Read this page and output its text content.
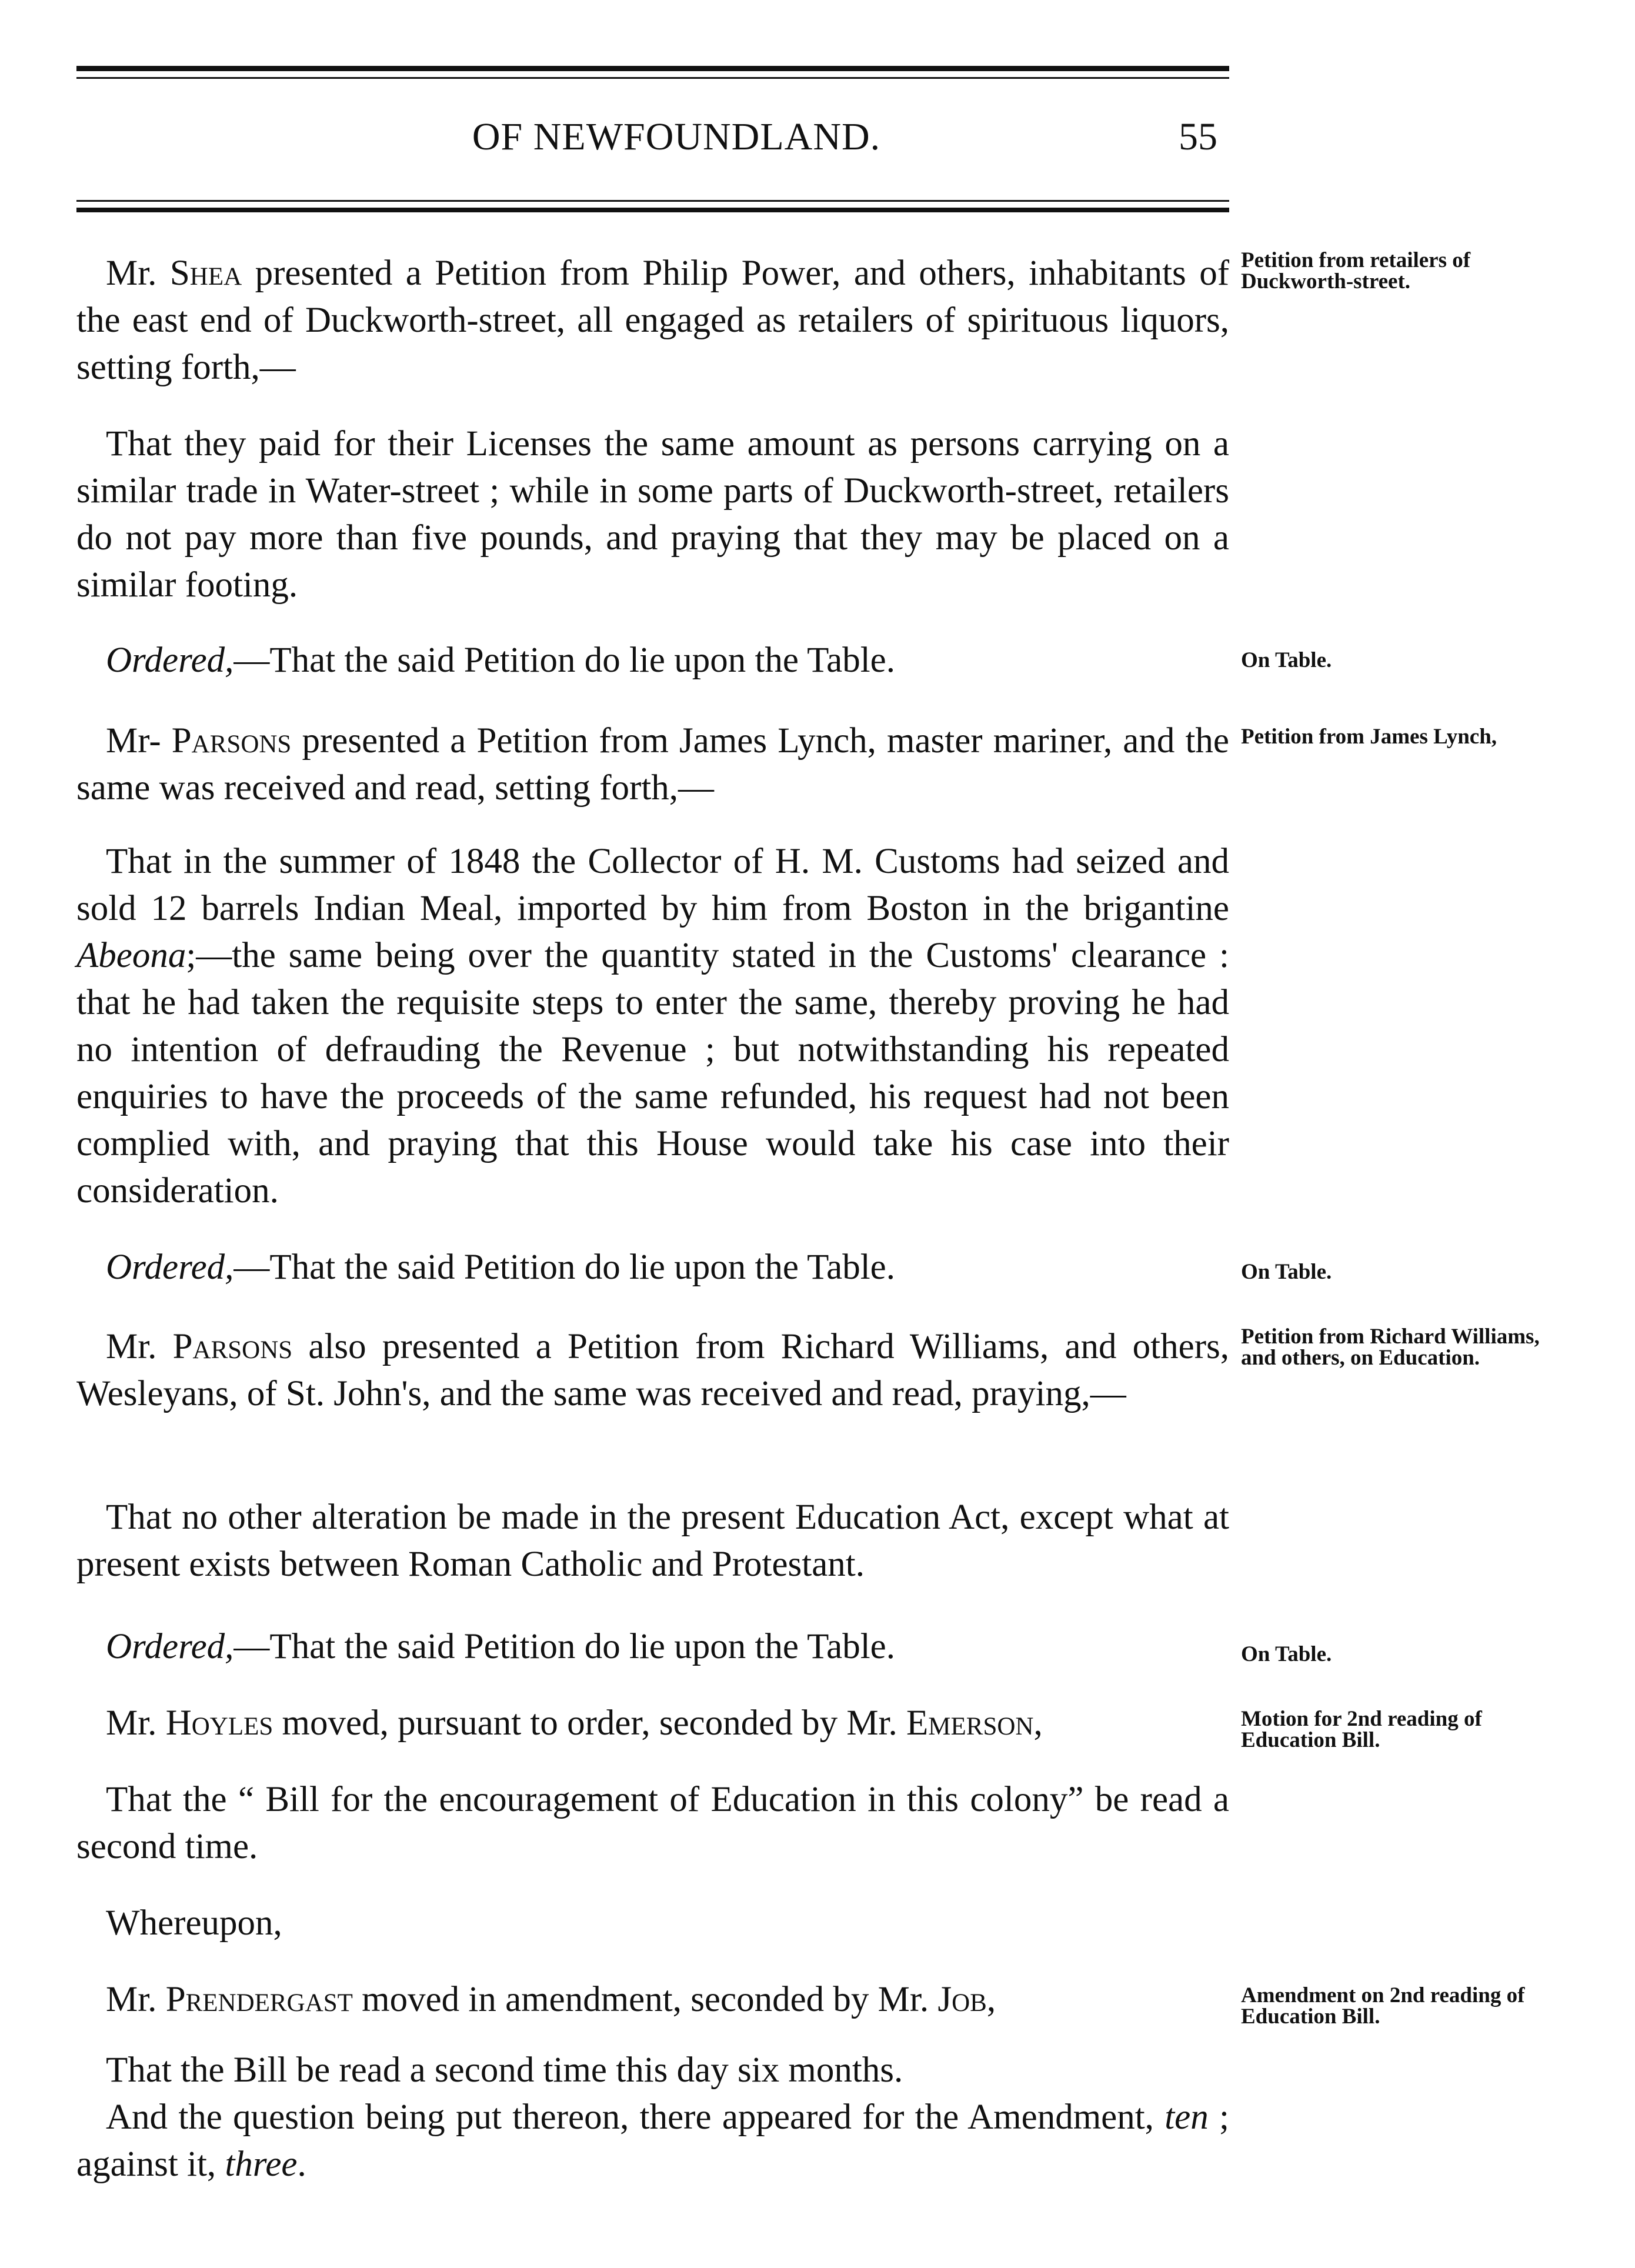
OF NEWFOUNDLAND.	55
Mr. Shea presented a Petition from Philip Power, and others, inhabitants of the east end of Duckworth-street, all engaged as retailers of spirituous liquors, setting forth,—
That they paid for their Licenses the same amount as persons carrying on a similar trade in Water-street ; while in some parts of Duckworth-street, retailers do not pay more than five pounds, and praying that they may be placed on a similar footing.
Ordered,—That the said Petition do lie upon the Table.
Mr- Parsons presented a Petition from James Lynch, master mariner, and the same was received and read, setting forth,—
That in the summer of 1848 the Collector of H. M. Customs had seized and sold 12 barrels Indian Meal, imported by him from Boston in the brigantine Abeona;—the same being over the quantity stated in the Customs' clearance : that he had taken the requisite steps to enter the same, thereby proving he had no intention of defrauding the Revenue ; but notwithstanding his repeated enquiries to have the proceeds of the same refunded, his request had not been complied with, and praying that this House would take his case into their consideration.
Ordered,—That the said Petition do lie upon the Table.
Mr. Parsons also presented a Petition from Richard Williams, and others, Wesleyans, of St. John's, and the same was received and read, praying,—
That no other alteration be made in the present Education Act, except what at present exists between Roman Catholic and Protestant.
Ordered,—That the said Petition do lie upon the Table.
Mr. Hoyles moved, pursuant to order, seconded by Mr. Emerson,
That the “ Bill for the encouragement of Education in this colony” be read a second time.
Whereupon,
Mr. Prendergast moved in amendment, seconded by Mr. Job,
That the Bill be read a second time this day six months.
And the question being put thereon, there appeared for the Amendment, ten ; against it, three.
Petition from retailers of Duckworth-street.
On Table.
Petition from James Lynch,
On Table.
Petition from Richard Williams, and others, on Education.
On Table.
Motion for 2nd reading of Education Bill.
Amendment on 2nd reading of Education Bill.
